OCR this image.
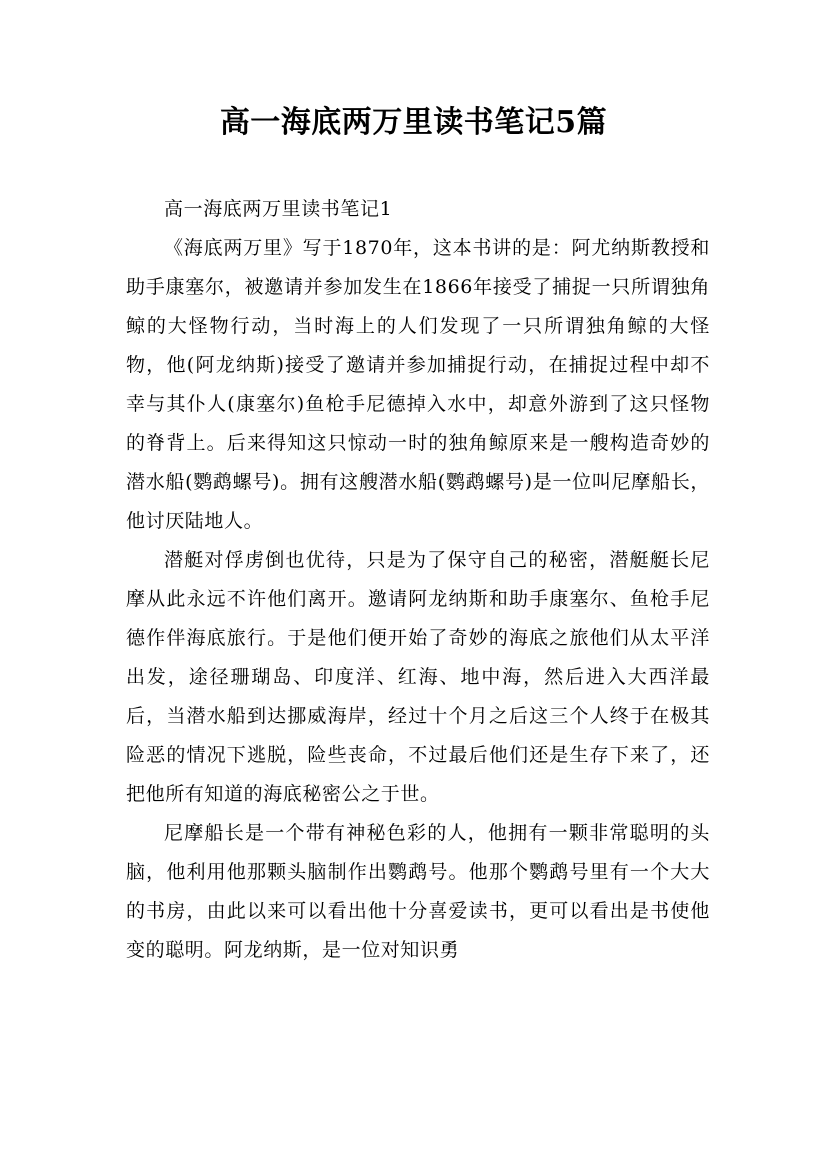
高一海底两万里读书笔记5篇

高一海底两万里读书笔记1

《海底两万里》写于1870年，这本书讲的是：阿尤纳斯教授和助手康塞尔，被邀请并参加发生在1866年接受了捕捉一只所谓独角鲸的大怪物行动，当时海上的人们发现了一只所谓独角鲸的大怪物，他(阿龙纳斯)接受了邀请并参加捕捉行动，在捕捉过程中却不幸与其仆人(康塞尔)鱼枪手尼德掉入水中，却意外游到了这只怪物的脊背上。后来得知这只惊动一时的独角鲸原来是一艘构造奇妙的潜水船(鹦鹉螺号)。拥有这艘潜水船(鹦鹉螺号)是一位叫尼摩船长，他讨厌陆地人。

潜艇对俘虏倒也优待，只是为了保守自己的秘密，潜艇艇长尼摩从此永远不许他们离开。邀请阿龙纳斯和助手康塞尔、鱼枪手尼德作伴海底旅行。于是他们便开始了奇妙的海底之旅他们从太平洋出发，途径珊瑚岛、印度洋、红海、地中海，然后进入大西洋最后，当潜水船到达挪威海岸，经过十个月之后这三个人终于在极其险恶的情况下逃脱，险些丧命，不过最后他们还是生存下来了，还把他所有知道的海底秘密公之于世。

尼摩船长是一个带有神秘色彩的人，他拥有一颗非常聪明的头脑，他利用他那颗头脑制作出鹦鹉号。他那个鹦鹉号里有一个大大的书房，由此以来可以看出他十分喜爱读书，更可以看出是书使他变的聪明。阿龙纳斯，是一位对知识勇
